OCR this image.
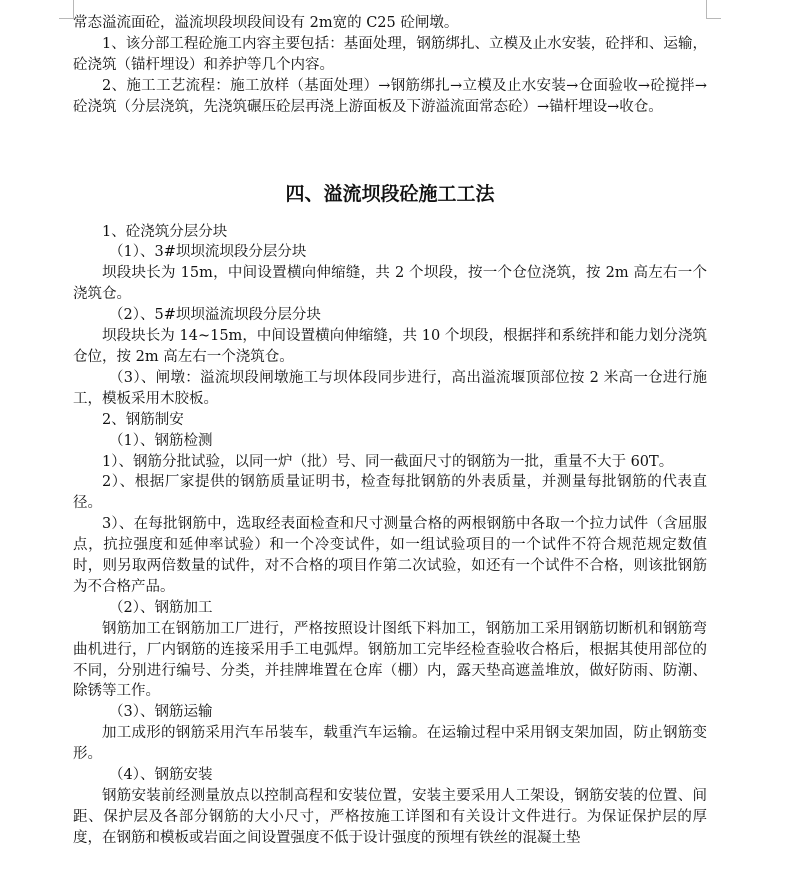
常态溢流面砼，溢流坝段坝段间设有 2m宽的 C25 砼闸墩。

1、该分部工程砼施工内容主要包括：基面处理，钢筋绑扎、立模及止水安装，砼拌和、运输，砼浇筑（锚杆埋设）和养护等几个内容。

2、施工工艺流程：施工放样（基面处理）→钢筋绑扎→立模及止水安装→仓面验收→砼搅拌→砼浇筑（分层浇筑，先浇筑碾压砼层再浇上游面板及下游溢流面常态砼）→锚杆埋设→收仓。

四、溢流坝段砼施工工法

1、砼浇筑分层分块

（1）、3#坝坝流坝段分层分块

坝段块长为 15m，中间设置横向伸缩缝，共 2 个坝段，按一个仓位浇筑，按 2m 高左右一个浇筑仓。

（2）、5#坝坝溢流坝段分层分块

坝段块长为 14~15m，中间设置横向伸缩缝，共 10 个坝段，根据拌和系统拌和能力划分浇筑仓位，按 2m 高左右一个浇筑仓。

（3）、闸墩：溢流坝段闸墩施工与坝体段同步进行，高出溢流堰顶部位按 2 米高一仓进行施工，模板采用木胶板。

2、钢筋制安

（1）、钢筋检测

1）、钢筋分批试验，以同一炉（批）号、同一截面尺寸的钢筋为一批，重量不大于 60T。

2）、根据厂家提供的钢筋质量证明书，检查每批钢筋的外表质量，并测量每批钢筋的代表直径。

3）、在每批钢筋中，选取经表面检查和尺寸测量合格的两根钢筋中各取一个拉力试件（含屈服点，抗拉强度和延伸率试验）和一个冷变试件，如一组试验项目的一个试件不符合规范规定数值时，则另取两倍数量的试件，对不合格的项目作第二次试验，如还有一个试件不合格，则该批钢筋为不合格产品。

（2）、钢筋加工

钢筋加工在钢筋加工厂进行，严格按照设计图纸下料加工，钢筋加工采用钢筋切断机和钢筋弯曲机进行，厂内钢筋的连接采用手工电弧焊。钢筋加工完毕经检查验收合格后，根据其使用部位的不同，分别进行编号、分类，并挂牌堆置在仓库（棚）内，露天垫高遮盖堆放，做好防雨、防潮、除锈等工作。

（3）、钢筋运输

加工成形的钢筋采用汽车吊装车，载重汽车运输。在运输过程中采用钢支架加固，防止钢筋变形。

（4）、钢筋安装

钢筋安装前经测量放点以控制高程和安装位置，安装主要采用人工架设，钢筋安装的位置、间距、保护层及各部分钢筋的大小尺寸，严格按施工详图和有关设计文件进行。为保证保护层的厚度，在钢筋和模板或岩面之间设置强度不低于设计强度的预埋有铁丝的混凝土垫
